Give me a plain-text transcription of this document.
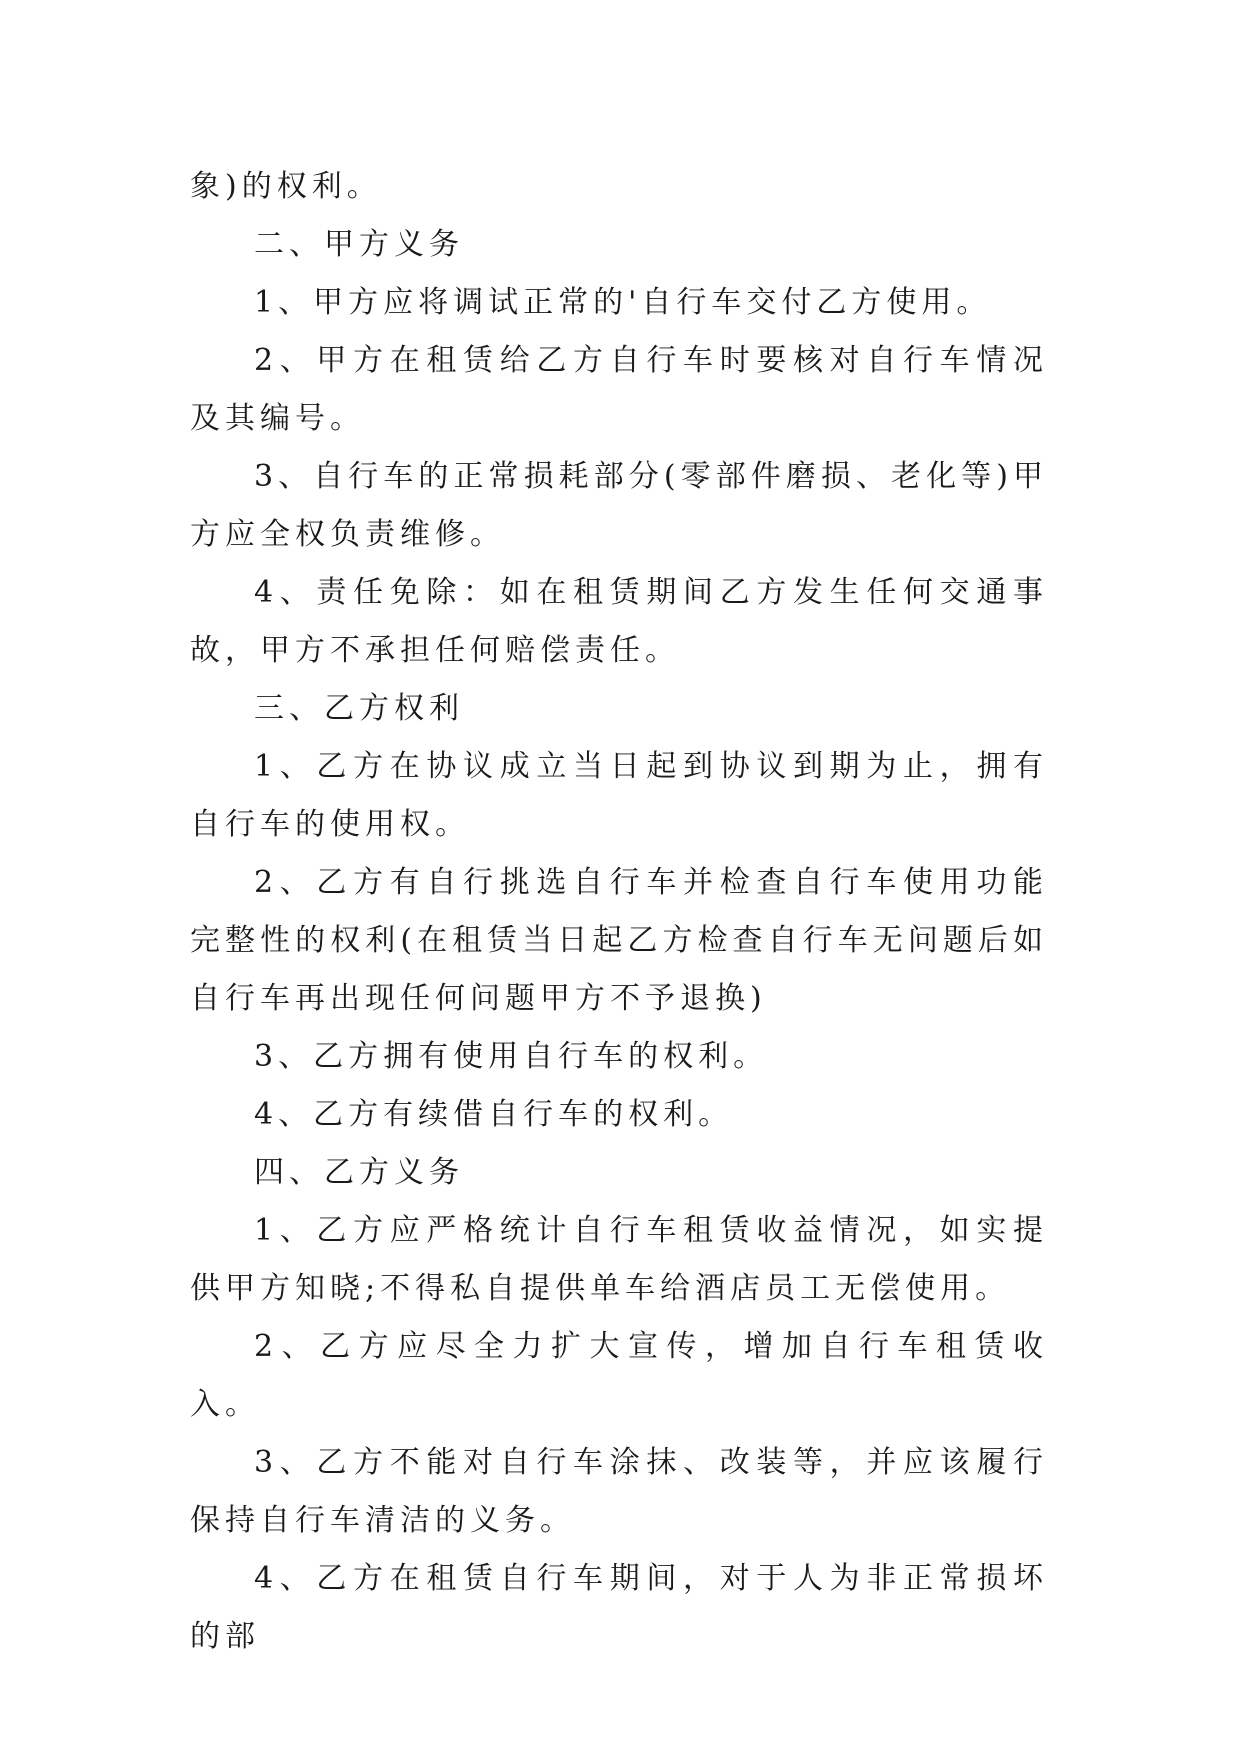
象)的权利。

二、甲方义务

1、甲方应将调试正常的'自行车交付乙方使用。

2、甲方在租赁给乙方自行车时要核对自行车情况及其编号。

3、自行车的正常损耗部分(零部件磨损、老化等)甲方应全权负责维修。

4、责任免除：如在租赁期间乙方发生任何交通事故，甲方不承担任何赔偿责任。

三、乙方权利

1、乙方在协议成立当日起到协议到期为止，拥有自行车的使用权。

2、乙方有自行挑选自行车并检查自行车使用功能完整性的权利(在租赁当日起乙方检查自行车无问题后如自行车再出现任何问题甲方不予退换)

3、乙方拥有使用自行车的权利。

4、乙方有续借自行车的权利。

四、乙方义务

1、乙方应严格统计自行车租赁收益情况，如实提供甲方知晓;不得私自提供单车给酒店员工无偿使用。

2、乙方应尽全力扩大宣传，增加自行车租赁收入。

3、乙方不能对自行车涂抹、改装等，并应该履行保持自行车清洁的义务。

4、乙方在租赁自行车期间，对于人为非正常损坏的部
